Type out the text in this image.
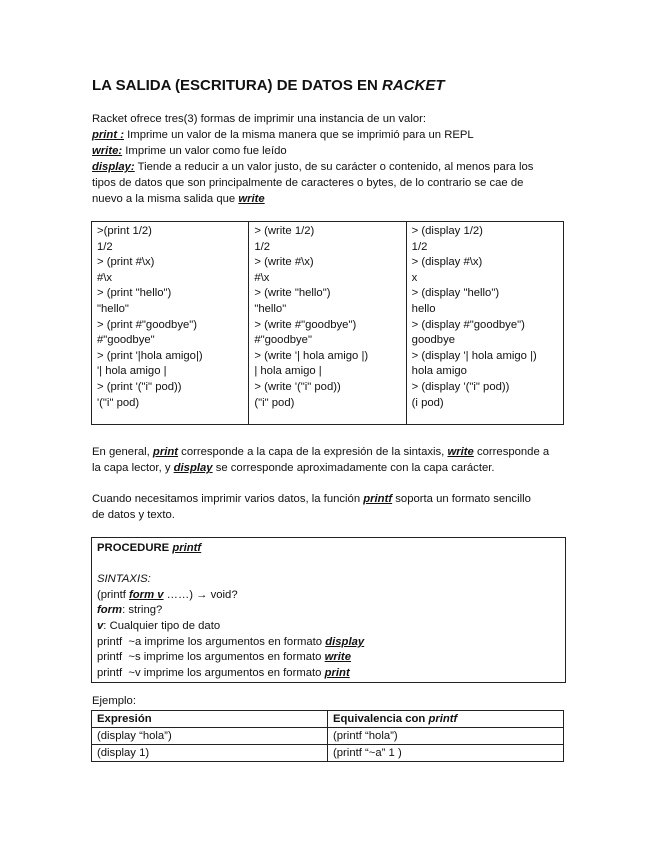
LA SALIDA (ESCRITURA) DE DATOS EN RACKET
Racket ofrece tres(3) formas de imprimir una instancia de un valor:
print : Imprime un valor de la misma manera que se imprimió para un REPL
write: Imprime un valor como fue leído
display: Tiende a reducir a un valor justo, de su carácter o contenido, al menos para los
tipos de datos que son principalmente de caracteres o bytes, de lo contrario se cae de
nuevo a la misma salida que write
>(print 1/2)
1/2
> (print #\x)
#\x
> (print "hello")
"hello"
> (print #"goodbye")
#"goodbye"
> (print '|hola amigo|)
'| hola amigo |
> (print '("i" pod))
'("i" pod)

> (write 1/2)
1/2
> (write #\x)
#\x
> (write "hello")
"hello"
> (write #"goodbye")
#"goodbye"
> (write '| hola amigo |)
| hola amigo |
> (write '("i" pod))
("i" pod)

> (display 1/2)
1/2
> (display #\x)
x
> (display "hello")
hello
> (display #"goodbye")
goodbye
> (display '| hola amigo |)
hola amigo
> (display '("i" pod))
(i pod)
En general, print corresponde a la capa de la expresión de la sintaxis, write corresponde a
la capa lector, y display se corresponde aproximadamente con la capa carácter.
Cuando necesitamos imprimir varios datos, la función printf soporta un formato sencillo
de datos y texto.
PROCEDURE printf

SINTAXIS:
(printf form v ……) → void?
form: string?
v: Cualquier tipo de dato
printf  ~a imprime los argumentos en formato display
printf  ~s imprime los argumentos en formato write
printf  ~v imprime los argumentos en formato print
Ejemplo:
Expresión	Equivalencia con printf
(display “hola”)	(printf “hola”)
(display 1)	(printf “~a” 1 )
